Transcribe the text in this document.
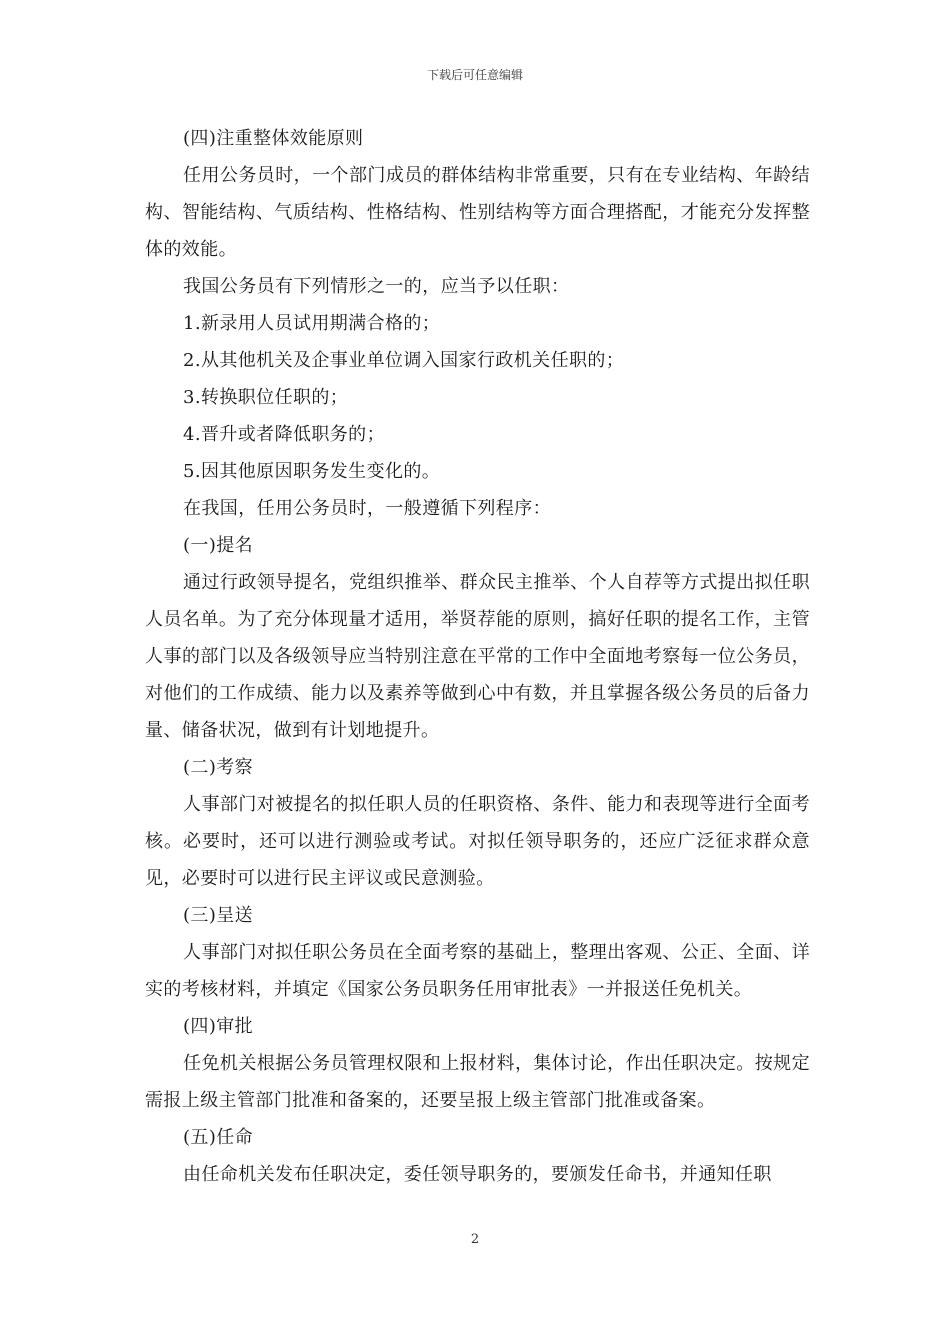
下载后可任意编辑

(四)注重整体效能原则

任用公务员时，一个部门成员的群体结构非常重要，只有在专业结构、年龄结构、智能结构、气质结构、性格结构、性别结构等方面合理搭配，才能充分发挥整体的效能。

我国公务员有下列情形之一的，应当予以任职：

1.新录用人员试用期满合格的；

2.从其他机关及企事业单位调入国家行政机关任职的；

3.转换职位任职的；

4.晋升或者降低职务的；

5.因其他原因职务发生变化的。

在我国，任用公务员时，一般遵循下列程序：

(一)提名

通过行政领导提名，党组织推举、群众民主推举、个人自荐等方式提出拟任职人员名单。为了充分体现量才适用，举贤荐能的原则，搞好任职的提名工作，主管人事的部门以及各级领导应当特别注意在平常的工作中全面地考察每一位公务员，对他们的工作成绩、能力以及素养等做到心中有数，并且掌握各级公务员的后备力量、储备状况，做到有计划地提升。

(二)考察

人事部门对被提名的拟任职人员的任职资格、条件、能力和表现等进行全面考核。必要时，还可以进行测验或考试。对拟任领导职务的，还应广泛征求群众意见，必要时可以进行民主评议或民意测验。

(三)呈送

人事部门对拟任职公务员在全面考察的基础上，整理出客观、公正、全面、详实的考核材料，并填定《国家公务员职务任用审批表》一并报送任免机关。

(四)审批

任免机关根据公务员管理权限和上报材料，集体讨论，作出任职决定。按规定需报上级主管部门批准和备案的，还要呈报上级主管部门批准或备案。

(五)任命

由任命机关发布任职决定，委任领导职务的，要颁发任命书，并通知任职

2
